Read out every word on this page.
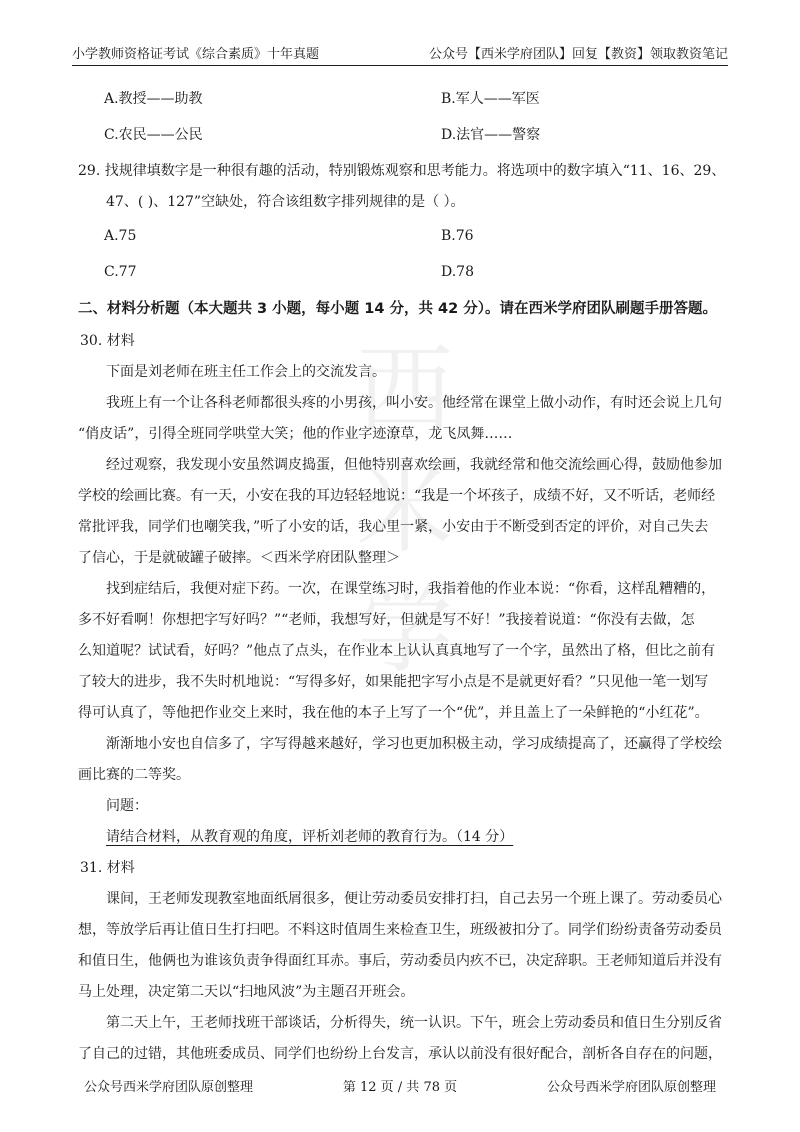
小学教师资格证考试《综合素质》十年真题	公众号【西米学府团队】回复【教资】领取教资笔记
西
米
学
A.教授——助教	B.军人——军医
C.农民——公民	D.法官——警察

29. 找规律填数字是一种很有趣的活动，特别锻炼观察和思考能力。将选项中的数字填入“11、16、29、

47、( )、127”空缺处，符合该组数字排列规律的是（ ）。

A.75	B.76
C.77	D.78
二、材料分析题（本大题共 3 小题，每小题 14 分，共 42 分）。请在西米学府团队刷题手册答题。

30. 材料

下面是刘老师在班主任工作会上的交流发言。

我班上有一个让各科老师都很头疼的小男孩，叫小安。他经常在课堂上做小动作，有时还会说上几句

“俏皮话”，引得全班同学哄堂大笑；他的作业字迹潦草，龙飞凤舞……

经过观察，我发现小安虽然调皮捣蛋，但他特别喜欢绘画，我就经常和他交流绘画心得，鼓励他参加

学校的绘画比赛。有一天，小安在我的耳边轻轻地说：“我是一个坏孩子，成绩不好，又不听话，老师经

常批评我，同学们也嘲笑我，”听了小安的话，我心里一紧，小安由于不断受到否定的评价，对自己失去

了信心，于是就破罐子破摔。＜西米学府团队整理＞

找到症结后，我便对症下药。一次，在课堂练习时，我指着他的作业本说：“你看，这样乱糟糟的，

多不好看啊！你想把字写好吗？”“老师，我想写好，但就是写不好！”我接着说道：“你没有去做，怎

么知道呢？试试看，好吗？”他点了点头，在作业本上认认真真地写了一个字，虽然出了格，但比之前有

了较大的进步，我不失时机地说：“写得多好，如果能把字写小点是不是就更好看？”只见他一笔一划写

得可认真了，等他把作业交上来时，我在他的本子上写了一个“优”，并且盖上了一朵鲜艳的“小红花”。

渐渐地小安也自信多了，字写得越来越好，学习也更加积极主动，学习成绩提高了，还赢得了学校绘

画比赛的二等奖。

问题：

请结合材料，从教育观的角度，评析刘老师的教育行为。（14 分）

31. 材料

课间，王老师发现教室地面纸屑很多，便让劳动委员安排打扫，自己去另一个班上课了。劳动委员心

想，等放学后再让值日生打扫吧。不料这时值周生来检查卫生，班级被扣分了。同学们纷纷责备劳动委员

和值日生，他俩也为谁该负责争得面红耳赤。事后，劳动委员内疚不已，决定辞职。王老师知道后并没有

马上处理，决定第二天以“扫地风波”为主题召开班会。

第二天上午，王老师找班干部谈话，分析得失，统一认识。下午，班会上劳动委员和值日生分别反省

了自己的过错，其他班委成员、同学们也纷纷上台发言，承认以前没有很好配合，剖析各自存在的问题，

公众号西米学府团队原创整理	第 12 页 / 共 78 页	公众号西米学府团队原创整理
